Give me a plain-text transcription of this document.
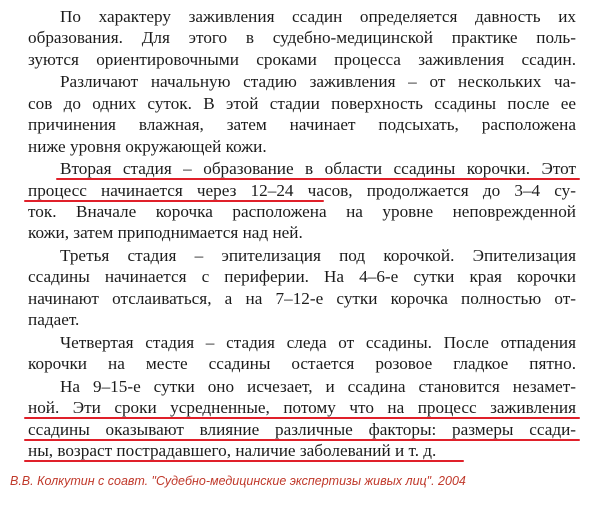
По характеру заживления ссадин определяется давность их
образования. Для этого в судебно-медицинской практике поль-
зуются ориентировочными сроками процесса заживления ссадин.
Различают начальную стадию заживления – от нескольких ча-
сов до одних суток. В этой стадии поверхность ссадины после ее
причинения влажная, затем начинает подсыхать, расположена
ниже уровня окружающей кожи.
Вторая стадия – образование в области ссадины корочки. Этот
процесс начинается через 12–24 часов, продолжается до 3–4 су-
ток. Вначале корочка расположена на уровне неповрежденной
кожи, затем приподнимается над ней.
Третья стадия – эпителизация под корочкой. Эпителизация
ссадины начинается с периферии. На 4–6-е сутки края корочки
начинают отслаиваться, а на 7–12-е сутки корочка полностью от-
падает.
Четвертая стадия – стадия следа от ссадины. После отпадения
корочки на месте ссадины остается розовое гладкое пятно.
На 9–15-е сутки оно исчезает, и ссадина становится незамет-
ной. Эти сроки усредненные, потому что на процесс заживления
ссадины оказывают влияние различные факторы: размеры ссади-
ны, возраст пострадавшего, наличие заболеваний и т. д.
В.В. Колкутин с соавт. "Судебно-медицинские экспертизы живых лиц". 2004
